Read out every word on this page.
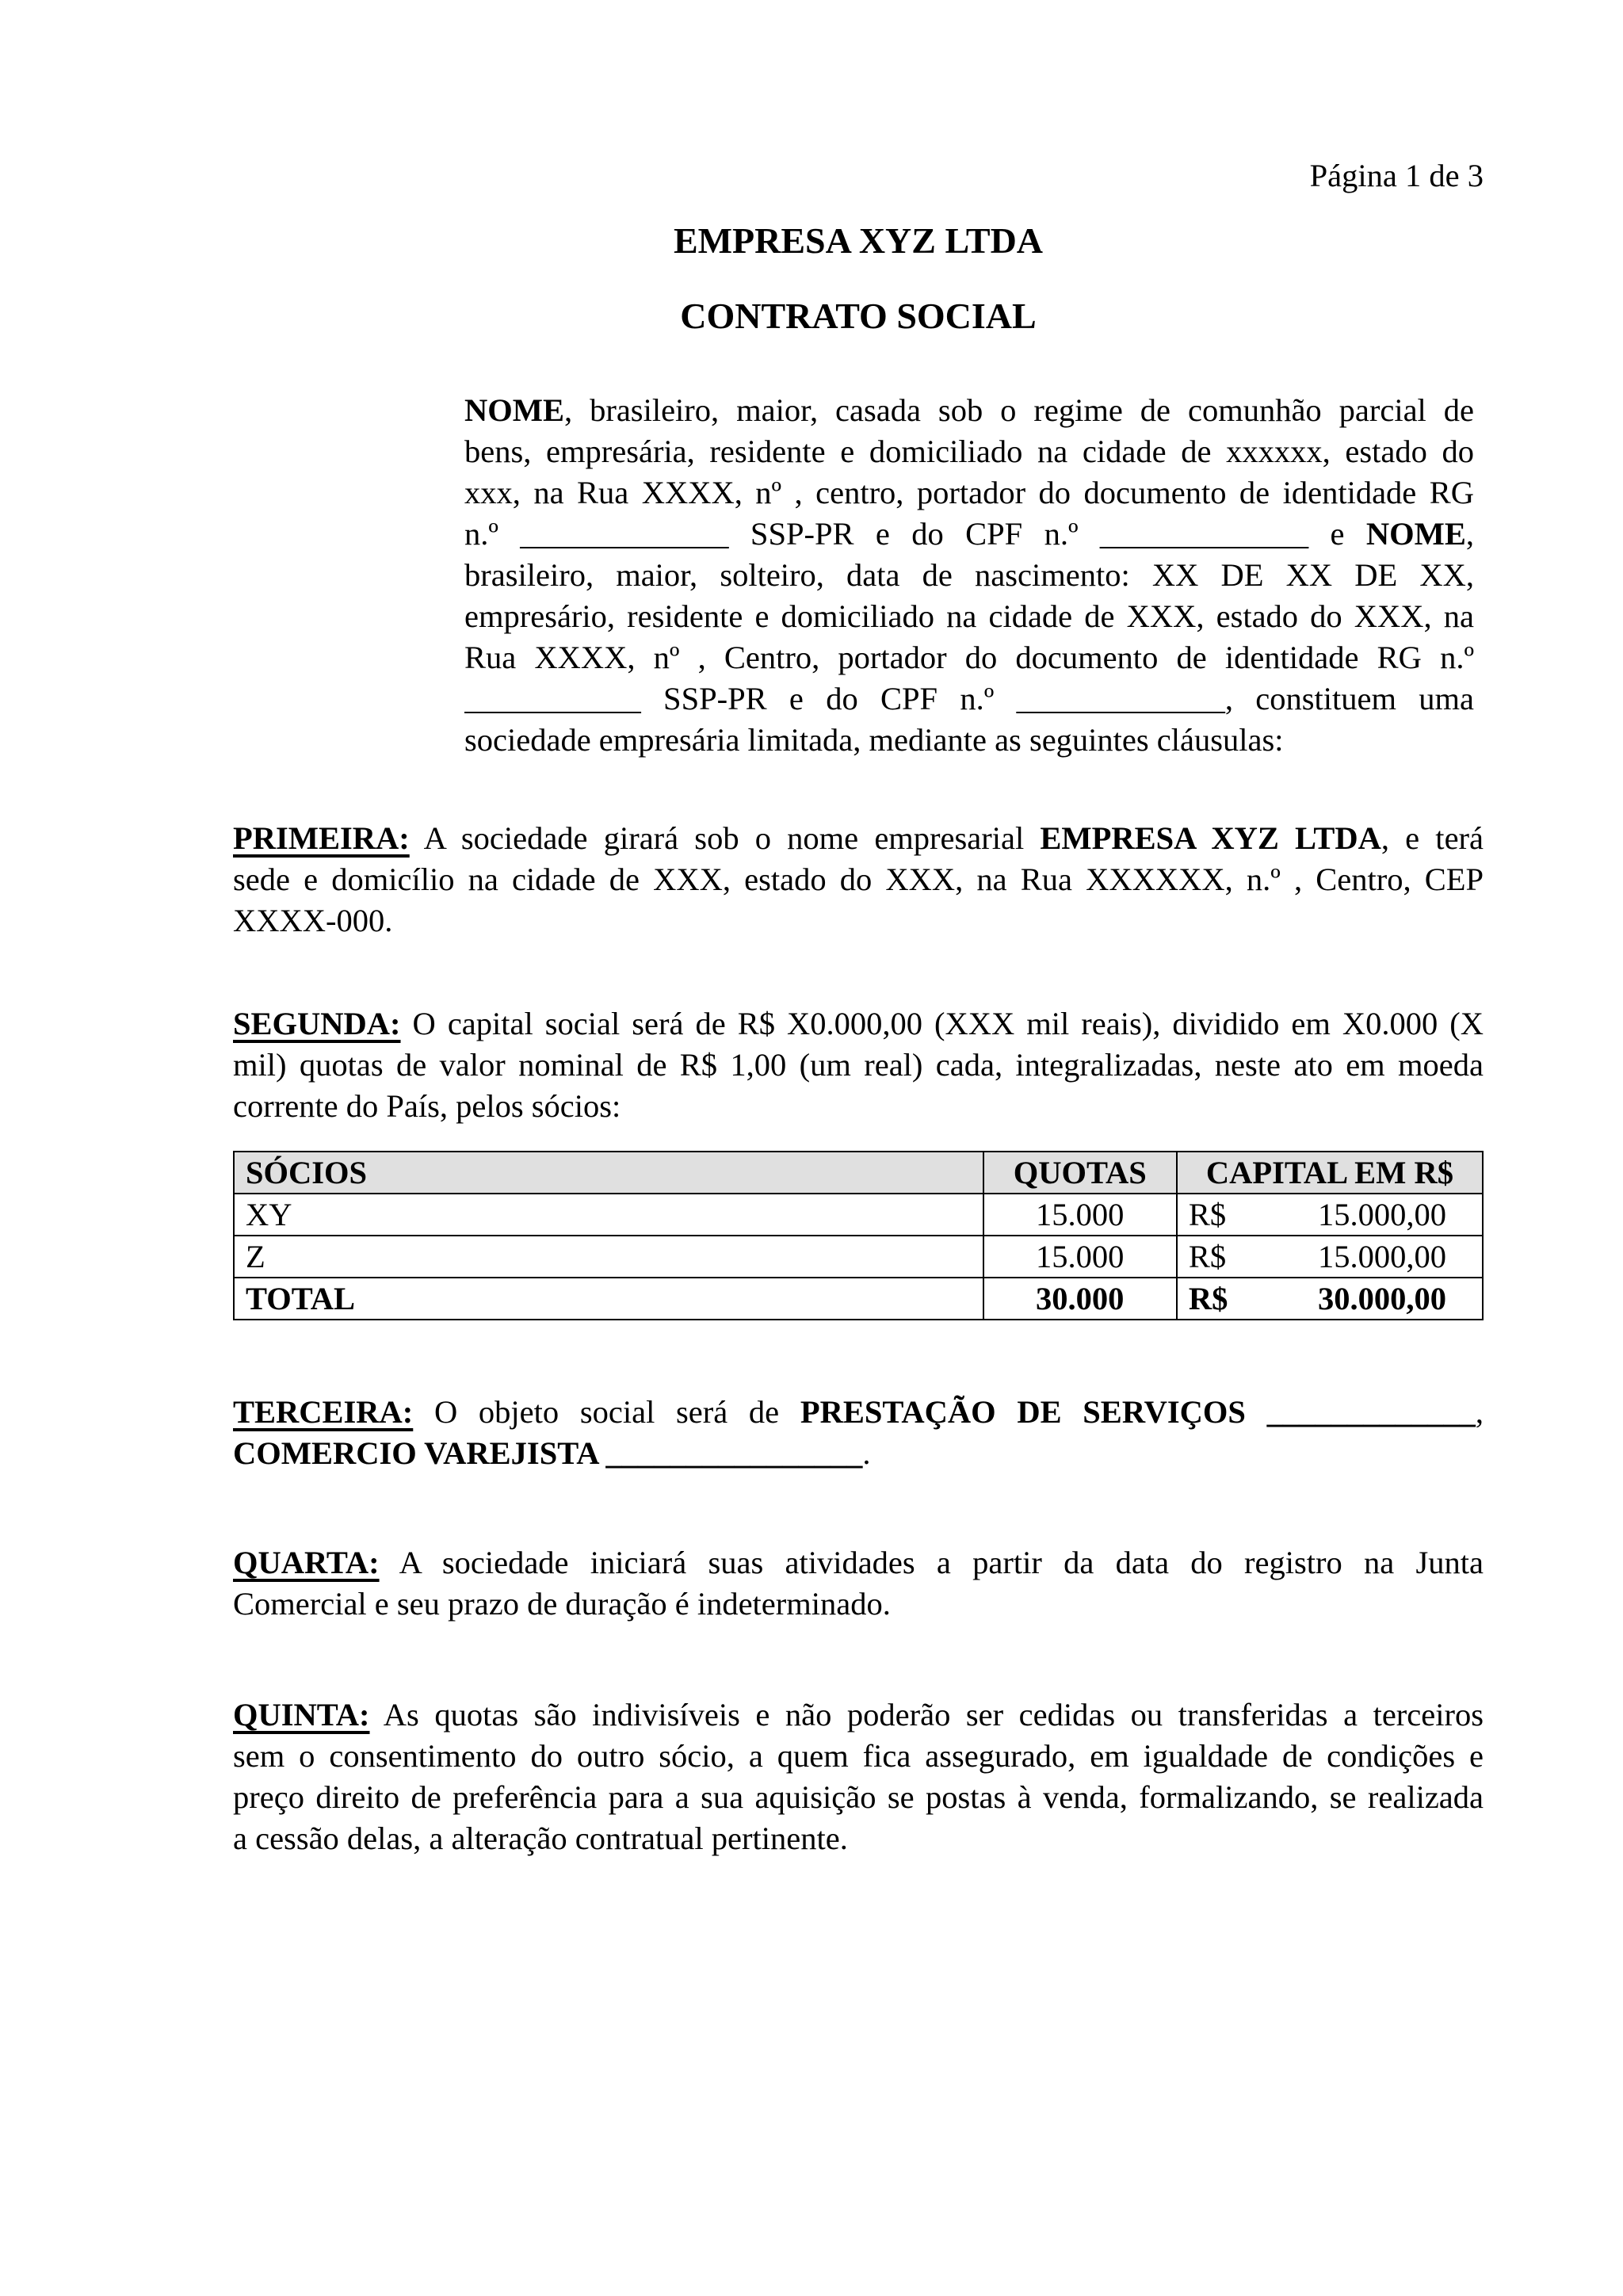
Página 1 de 3
EMPRESA XYZ LTDA
CONTRATO SOCIAL
NOME, brasileiro, maior, casada sob o regime de comunhão parcial de
bens, empresária, residente e domiciliado na cidade de xxxxxx, estado do
xxx, na Rua XXXX, nº , centro, portador do documento de identidade RG
n.º _____________ SSP-PR e do CPF n.º _____________ e NOME,
brasileiro, maior, solteiro, data de nascimento: XX DE XX DE XX,
empresário, residente e domiciliado na cidade de XXX, estado do XXX, na
Rua XXXX, nº , Centro, portador do documento de identidade RG n.º
___________ SSP-PR e do CPF n.º _____________, constituem uma
sociedade empresária limitada, mediante as seguintes cláusulas:
PRIMEIRA: A sociedade girará sob o nome empresarial EMPRESA XYZ LTDA, e terá
sede e domicílio na cidade de XXX, estado do XXX, na Rua XXXXXX, n.º , Centro, CEP
XXXX-000.
SEGUNDA: O capital social será de R$ X0.000,00 (XXX mil reais), dividido em X0.000 (X
mil) quotas de valor nominal de R$ 1,00 (um real) cada, integralizadas, neste ato em moeda
corrente do País, pelos sócios:
SÓCIOS	QUOTAS	CAPITAL EM R$
XY	15.000	R$ 15.000,00

Z	15.000	R$ 15.000,00

TOTAL	30.000	R$ 30.000,00
TERCEIRA: O objeto social será de PRESTAÇÃO DE SERVIÇOS _____________,
COMERCIO VAREJISTA ________________.
QUARTA: A sociedade iniciará suas atividades a partir da data do registro na Junta
Comercial e seu prazo de duração é indeterminado.
QUINTA: As quotas são indivisíveis e não poderão ser cedidas ou transferidas a terceiros
sem o consentimento do outro sócio, a quem fica assegurado, em igualdade de condições e
preço direito de preferência para a sua aquisição se postas à venda, formalizando, se realizada
a cessão delas, a alteração contratual pertinente.
